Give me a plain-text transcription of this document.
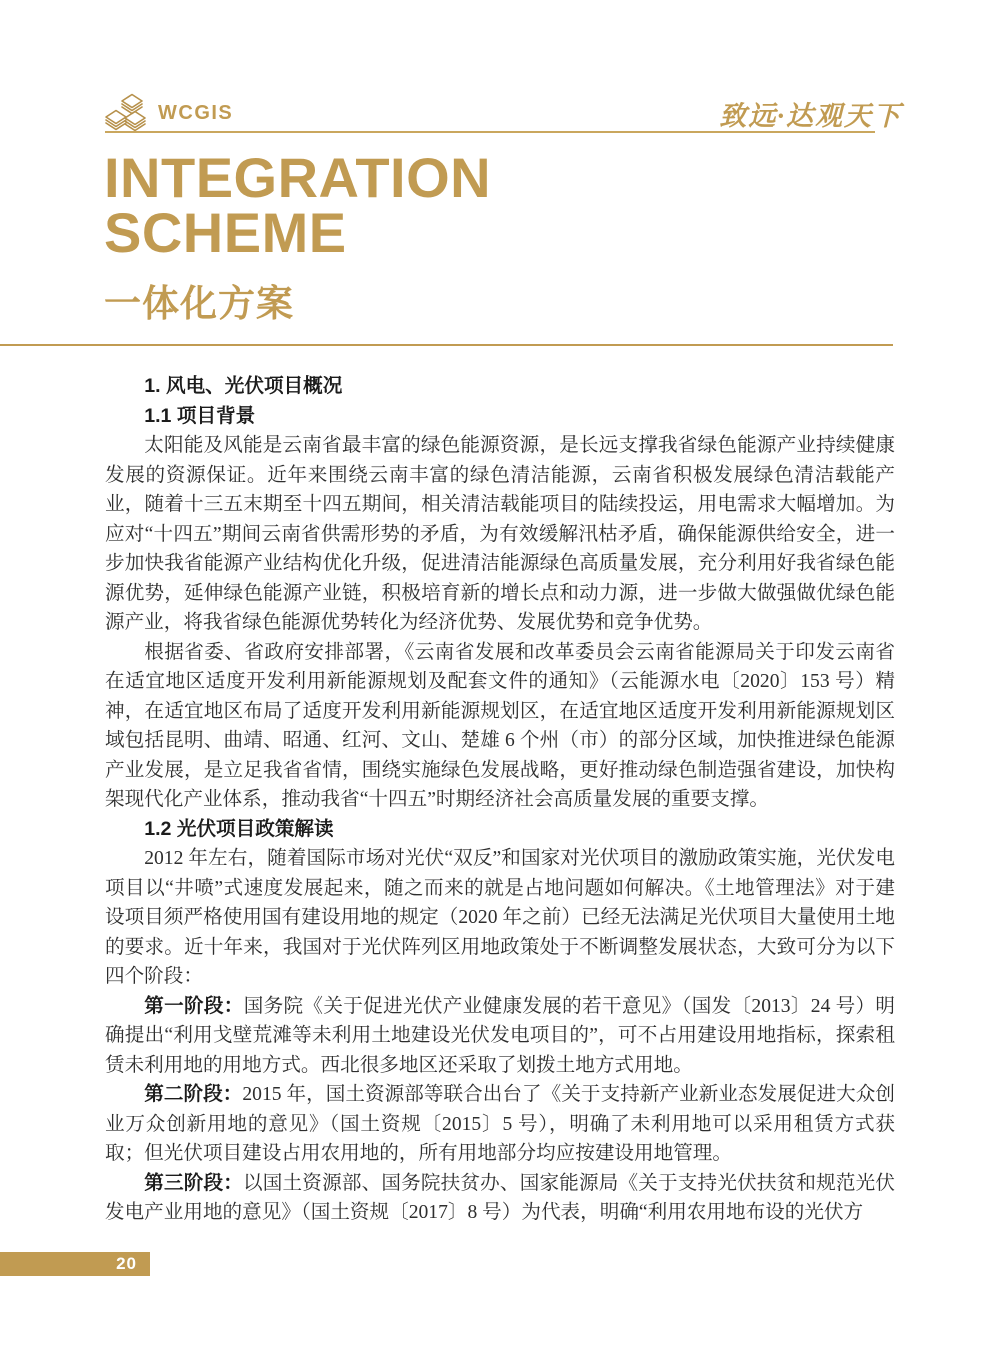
WCGIS	致远·达观天下
INTEGRATION
SCHEME
一体化方案
1. 风电、光伏项目概况
1.1 项目背景

太阳能及风能是云南省最丰富的绿色能源资源，是长远支撑我省绿色能源产业持续健康发展的资源保证。近年来围绕云南丰富的绿色清洁能源，云南省积极发展绿色清洁载能产业，随着十三五末期至十四五期间，相关清洁载能项目的陆续投运，用电需求大幅增加。为应对“十四五”期间云南省供需形势的矛盾，为有效缓解汛枯矛盾，确保能源供给安全，进一步加快我省能源产业结构优化升级，促进清洁能源绿色高质量发展，充分利用好我省绿色能源优势，延伸绿色能源产业链，积极培育新的增长点和动力源，进一步做大做强做优绿色能源产业，将我省绿色能源优势转化为经济优势、发展优势和竞争优势。

根据省委、省政府安排部署，《云南省发展和改革委员会云南省能源局关于印发云南省在适宜地区适度开发利用新能源规划及配套文件的通知》（云能源水电〔2020〕153 号）精神，在适宜地区布局了适度开发利用新能源规划区，在适宜地区适度开发利用新能源规划区域包括昆明、曲靖、昭通、红河、文山、楚雄 6 个州（市）的部分区域，加快推进绿色能源产业发展，是立足我省省情，围绕实施绿色发展战略，更好推动绿色制造强省建设，加快构架现代化产业体系，推动我省“十四五”时期经济社会高质量发展的重要支撑。

1.2 光伏项目政策解读

2012 年左右，随着国际市场对光伏“双反”和国家对光伏项目的激励政策实施，光伏发电项目以“井喷”式速度发展起来，随之而来的就是占地问题如何解决。《土地管理法》对于建设项目须严格使用国有建设用地的规定（2020 年之前）已经无法满足光伏项目大量使用土地的要求。近十年来，我国对于光伏阵列区用地政策处于不断调整发展状态，大致可分为以下四个阶段：

第一阶段：国务院《关于促进光伏产业健康发展的若干意见》（国发〔2013〕24 号）明确提出“利用戈壁荒滩等未利用土地建设光伏发电项目的”，可不占用建设用地指标，探索租赁未利用地的用地方式。西北很多地区还采取了划拨土地方式用地。

第二阶段：2015 年，国土资源部等联合出台了《关于支持新产业新业态发展促进大众创业万众创新用地的意见》（国土资规〔2015〕5 号），明确了未利用地可以采用租赁方式获取；但光伏项目建设占用农用地的，所有用地部分均应按建设用地管理。

第三阶段：以国土资源部、国务院扶贫办、国家能源局《关于支持光伏扶贫和规范光伏发电产业用地的意见》（国土资规〔2017〕8 号）为代表，明确“利用农用地布设的光伏方

20
